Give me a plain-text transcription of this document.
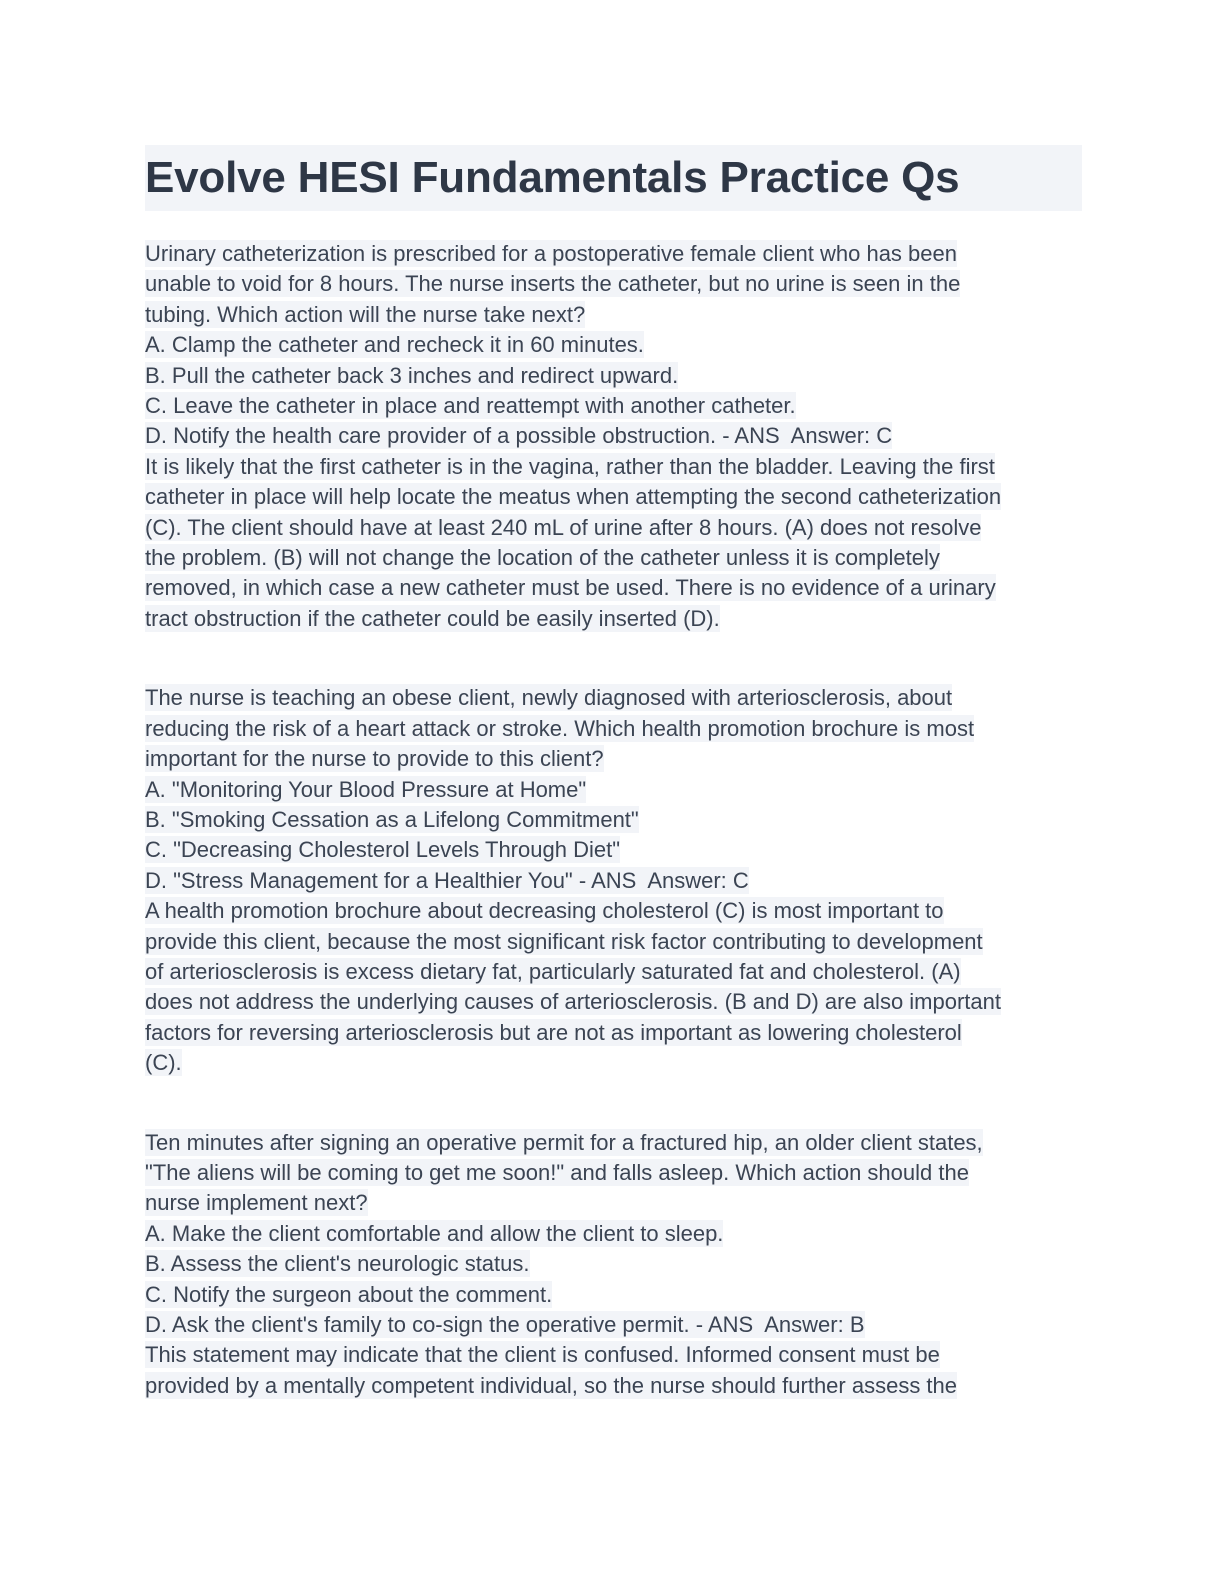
Evolve HESI Fundamentals Practice Qs

Urinary catheterization is prescribed for a postoperative female client who has been
unable to void for 8 hours. The nurse inserts the catheter, but no urine is seen in the
tubing. Which action will the nurse take next?
A. Clamp the catheter and recheck it in 60 minutes.
B. Pull the catheter back 3 inches and redirect upward.
C. Leave the catheter in place and reattempt with another catheter.
D. Notify the health care provider of a possible obstruction. - ANS  Answer: C
It is likely that the first catheter is in the vagina, rather than the bladder. Leaving the first
catheter in place will help locate the meatus when attempting the second catheterization
(C). The client should have at least 240 mL of urine after 8 hours. (A) does not resolve
the problem. (B) will not change the location of the catheter unless it is completely
removed, in which case a new catheter must be used. There is no evidence of a urinary
tract obstruction if the catheter could be easily inserted (D).

The nurse is teaching an obese client, newly diagnosed with arteriosclerosis, about
reducing the risk of a heart attack or stroke. Which health promotion brochure is most
important for the nurse to provide to this client?
A. "Monitoring Your Blood Pressure at Home"
B. "Smoking Cessation as a Lifelong Commitment"
C. "Decreasing Cholesterol Levels Through Diet"
D. "Stress Management for a Healthier You" - ANS  Answer: C
A health promotion brochure about decreasing cholesterol (C) is most important to
provide this client, because the most significant risk factor contributing to development
of arteriosclerosis is excess dietary fat, particularly saturated fat and cholesterol. (A)
does not address the underlying causes of arteriosclerosis. (B and D) are also important
factors for reversing arteriosclerosis but are not as important as lowering cholesterol
(C).

Ten minutes after signing an operative permit for a fractured hip, an older client states,
"The aliens will be coming to get me soon!" and falls asleep. Which action should the
nurse implement next?
A. Make the client comfortable and allow the client to sleep.
B. Assess the client's neurologic status.
C. Notify the surgeon about the comment.
D. Ask the client's family to co-sign the operative permit. - ANS  Answer: B
This statement may indicate that the client is confused. Informed consent must be
provided by a mentally competent individual, so the nurse should further assess the
